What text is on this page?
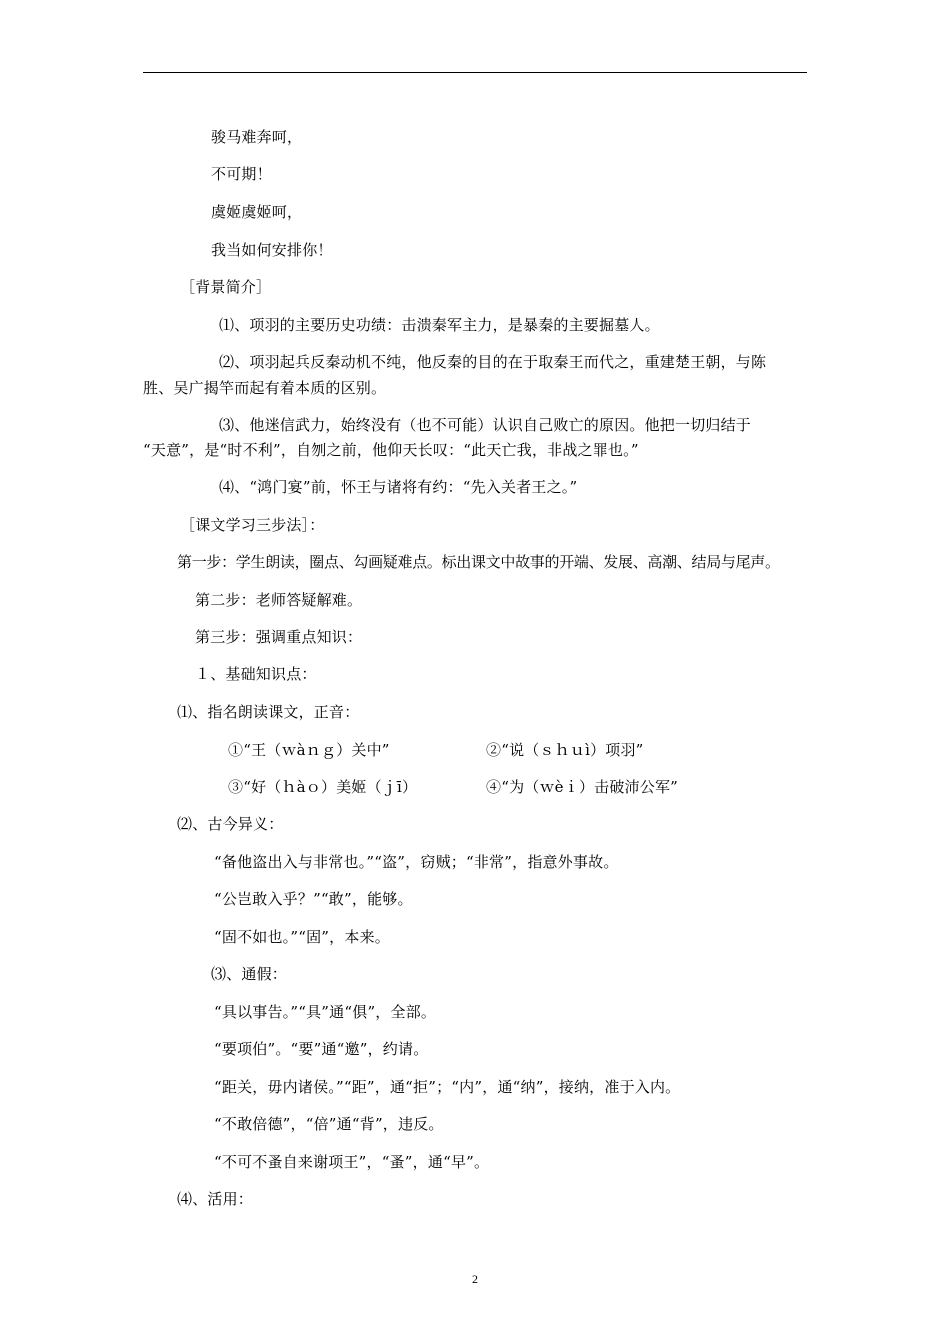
骏马难奔呵，
不可期！
虞姬虞姬呵，
我当如何安排你！
［背景简介］
⑴、项羽的主要历史功绩：击溃秦军主力，是暴秦的主要掘墓人。
⑵、项羽起兵反秦动机不纯，他反秦的目的在于取秦王而代之，重建楚王朝，与陈
胜、吴广揭竿而起有着本质的区别。
⑶、他迷信武力，始终没有（也不可能）认识自己败亡的原因。他把一切归结于
“天意”，是“时不利”，自刎之前，他仰天长叹：“此天亡我，非战之罪也。”
⑷、“鸿门宴”前，怀王与诸将有约：“先入关者王之。”
［课文学习三步法］：
第一步：学生朗读，圈点、勾画疑难点。标出课文中故事的开端、发展、高潮、结局与尾声。
第二步：老师答疑解难。
第三步：强调重点知识：
１、基础知识点：
⑴、指名朗读课文，正音：
①“王（ｗàｎｇ）关中”	②“说（ｓｈｕì）项羽”
③“好（ｈàｏ）美姬（ｊī）	④“为（ｗèｉ）击破沛公军”
⑵、古今异义：
“备他盗出入与非常也。”“盗”，窃贼；“非常”，指意外事故。
“公岂敢入乎？”“敢”，能够。
“固不如也。”“固”，本来。
⑶、通假：
“具以事告。”“具”通“俱”，全部。
“要项伯”。“要”通“邀”，约请。
“距关，毋内诸侯。”“距”，通“拒”；“内”，通“纳”，接纳，准于入内。
“不敢倍德”，“倍”通“背”，违反。
“不可不蚤自来谢项王”，“蚤”，通“早”。
⑷、活用：
2
